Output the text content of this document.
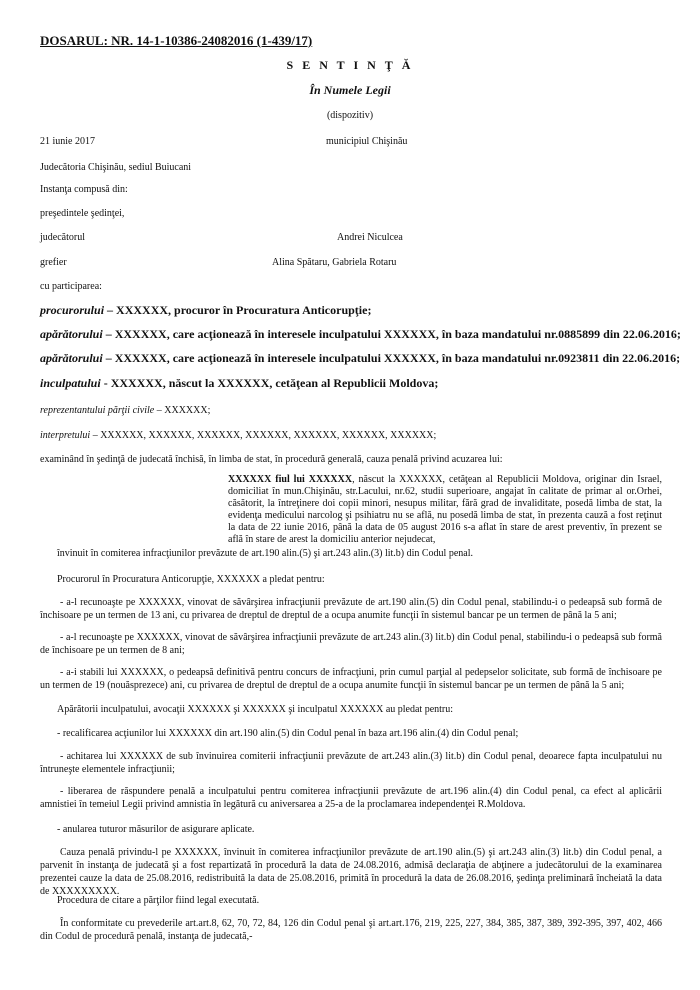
DOSARUL: NR. 14-1-10386-24082016 (1-439/17)
S E N T I N Ţ Ă
În Numele Legii
(dispozitiv)
21 iunie 2017	municipiul Chişinău
Judecătoria Chişinău, sediul Buiucani
Instanţa compusă din:
preşedintele şedinţei,
judecătorul	Andrei Niculcea
grefier	Alina Spătaru, Gabriela Rotaru
cu participarea:
procurorului – XXXXXX, procuror în Procuratura Anticorupţie;
apărătorului – XXXXXX, care acţionează în interesele inculpatului XXXXXX, în baza mandatului nr.0885899 din 22.06.2016;
apărătorului – XXXXXX, care acţionează în interesele inculpatului XXXXXX, în baza mandatului nr.0923811 din 22.06.2016;
inculpatului - XXXXXX, născut la XXXXXX, cetăţean al Republicii Moldova;
reprezentantului părţii civile – XXXXXX;
interpretului – XXXXXX, XXXXXX, XXXXXX, XXXXXX, XXXXXX, XXXXXX, XXXXXX;
examinând în şedinţă de judecată închisă, în limba de stat, în procedură generală, cauza penală privind acuzarea lui:
XXXXXX fiul lui XXXXXX, născut la XXXXXX, cetăţean al Republicii Moldova, originar din Israel, domiciliat în mun.Chişinău, str.Lacului, nr.62, studii superioare, angajat în calitate de primar al or.Orhei, căsătorit, la întreţinere doi copii minori, nesupus militar, fără grad de invaliditate, posedă limba de stat, la evidenţa medicului narcolog şi psihiatru nu se află, nu posedă limba de stat, în prezenta cauză a fost reţinut la data de 22 iunie 2016, până la data de 05 august 2016 s-a aflat în stare de arest preventiv, în prezent se află în stare de arest la domiciliu anterior nejudecat,
învinuit în comiterea infracţiunilor prevăzute de art.190 alin.(5) şi art.243 alin.(3) lit.b) din Codul penal.
Procurorul în Procuratura Anticorupţie, XXXXXX a pledat pentru:
- a-l recunoaşte pe XXXXXX, vinovat de săvârşirea infracţiunii prevăzute de art.190 alin.(5) din Codul penal, stabilindu-i o pedeapsă sub formă de închisoare pe un termen de 13 ani, cu privarea de dreptul de dreptul de a ocupa anumite funcţii în sistemul bancar pe un termen de până la 5 ani;
- a-l recunoaşte pe XXXXXX, vinovat de săvârşirea infracţiunii prevăzute de art.243 alin.(3) lit.b) din Codul penal, stabilindu-i o pedeapsă sub formă de închisoare pe un termen de 8 ani;
- a-i stabili lui XXXXXX, o pedeapsă definitivă pentru concurs de infracţiuni, prin cumul parţial al pedepselor solicitate, sub formă de închisoare pe un termen de 19 (nouăsprezece) ani, cu privarea de dreptul de dreptul de a ocupa anumite funcţii în sistemul bancar pe un termen de până la 5 ani;
Apărătorii inculpatului, avocaţii XXXXXX şi XXXXXX şi inculpatul XXXXXX au pledat pentru:
- recalificarea acţiunilor lui XXXXXX din art.190 alin.(5) din Codul penal în baza art.196 alin.(4) din Codul penal;
- achitarea lui XXXXXX de sub învinuirea comiterii infracţiunii prevăzute de art.243 alin.(3) lit.b) din Codul penal, deoarece fapta inculpatului nu întruneşte elementele infracţiunii;
- liberarea de răspundere penală a inculpatului pentru comiterea infracţiunii prevăzute de art.196 alin.(4) din Codul penal, ca efect al aplicării amnistiei în temeiul Legii privind amnistia în legătură cu aniversarea a 25-a de la proclamarea independenţei R.Moldova.
- anularea tuturor măsurilor de asigurare aplicate.
Cauza penală privindu-l pe XXXXXX, învinuit în comiterea infracţiunilor prevăzute de art.190 alin.(5) şi art.243 alin.(3) lit.b) din Codul penal, a parvenit în instanţa de judecată şi a fost repartizată în procedură la data de 24.08.2016, admisă declaraţia de abţinere a judecătorului de la examinarea prezentei cauze la data de 25.08.2016, redistribuită la data de 25.08.2016, primită în procedură la data de 26.08.2016, şedinţa preliminară încheiată la data de XXXXXXXXX.
Procedura de citare a părţilor fiind legal executată.
În conformitate cu prevederile art.art.8, 62, 70, 72, 84, 126 din Codul penal şi art.art.176, 219, 225, 227, 384, 385, 387, 389, 392-395, 397, 402, 466 din Codul de procedură penală, instanţa de judecată,-
